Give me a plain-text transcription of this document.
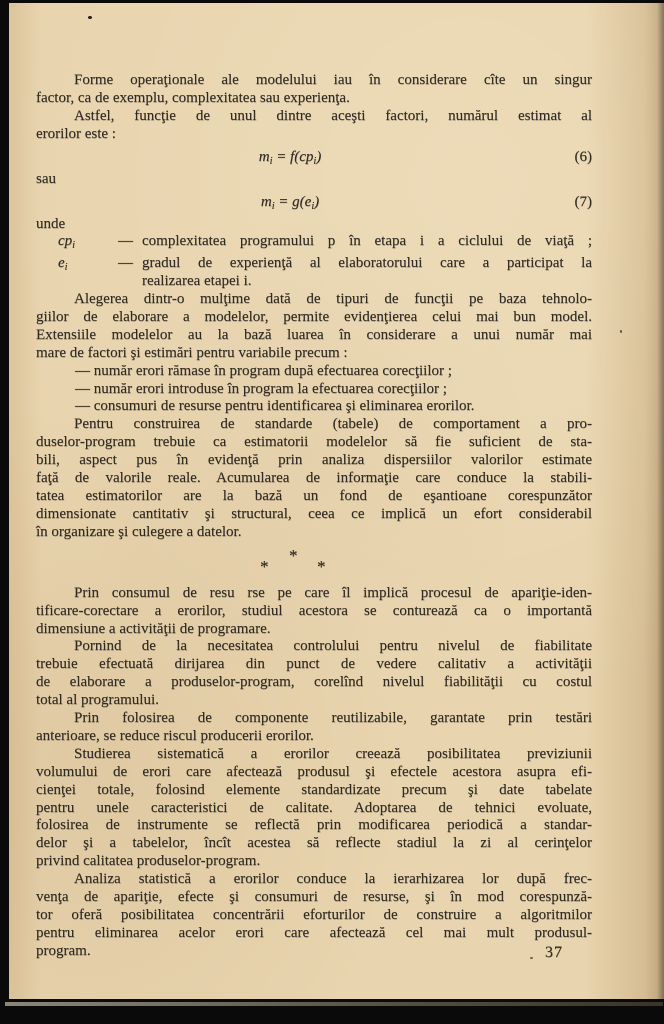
Forme operaţionale ale modelului iau în considerare cîte un singur
factor, ca de exemplu, complexitatea sau experienţa.
Astfel, funcţie de unul dintre aceşti factori, numărul estimat al
erorilor este :
$m_i = f(cp_i)$	(6)
sau
$m_i = g(e_i)$	(7)
unde
$cp_i$	— complexitatea programului p în etapa i a ciclului de viaţă ;
$e_i$	— gradul de experienţă al elaboratorului care a participat la
realizarea etapei i.
Alegerea dintr-o mulţime dată de tipuri de funcţii pe baza tehnolo-
giilor de elaborare a modelelor, permite evidenţierea celui mai bun model.
Extensiile modelelor au la bază luarea în considerare a unui număr mai
mare de factori şi estimări pentru variabile precum :
— număr erori rămase în program după efectuarea corecţiilor ;
— număr erori introduse în program la efectuarea corecţiilor ;
— consumuri de resurse pentru identificarea şi eliminarea erorilor.
Pentru construirea de standarde (tabele) de comportament a pro-
duselor-program trebuie ca estimatorii modelelor să fie suficient de sta-
bili, aspect pus în evidenţă prin analiza dispersiilor valorilor estimate
faţă de valorile reale. Acumularea de informaţie care conduce la stabili-
tatea estimatorilor are la bază un fond de eşantioane corespunzător
dimensionate cantitativ şi structural, ceea ce implică un efort considerabil
în organizare şi culegere a datelor.
*
*	*
Prin consumul de resu rse pe care îl implică procesul de apariţie-iden-
tificare-corectare a erorilor, studiul acestora se conturează ca o importantă
dimensiune a activităţii de programare.
Pornind de la necesitatea controlului pentru nivelul de fiabilitate
trebuie efectuată dirijarea din punct de vedere calitativ a activităţii
de elaborare a produselor-program, corelînd nivelul fiabilităţii cu costul
total al programului.
Prin folosirea de componente reutilizabile, garantate prin testări
anterioare, se reduce riscul producerii erorilor.
Studierea sistematică a erorilor creează posibilitatea previziunii
volumului de erori care afectează produsul şi efectele acestora asupra efi-
cienţei totale, folosind elemente standardizate precum şi date tabelate
pentru unele caracteristici de calitate. Adoptarea de tehnici evoluate,
folosirea de instrumente se reflectă prin modificarea periodică a standar-
delor şi a tabelelor, încît acestea să reflecte stadiul la zi al cerinţelor
privind calitatea produselor-program.
Analiza statistică a erorilor conduce la ierarhizarea lor după frec-
venţa de apariţie, efecte şi consumuri de resurse, şi în mod corespunză-
tor oferă posibilitatea concentrării eforturilor de construire a algoritmilor
pentru eliminarea acelor erori care afectează cel mai mult produsul-
program.	37
